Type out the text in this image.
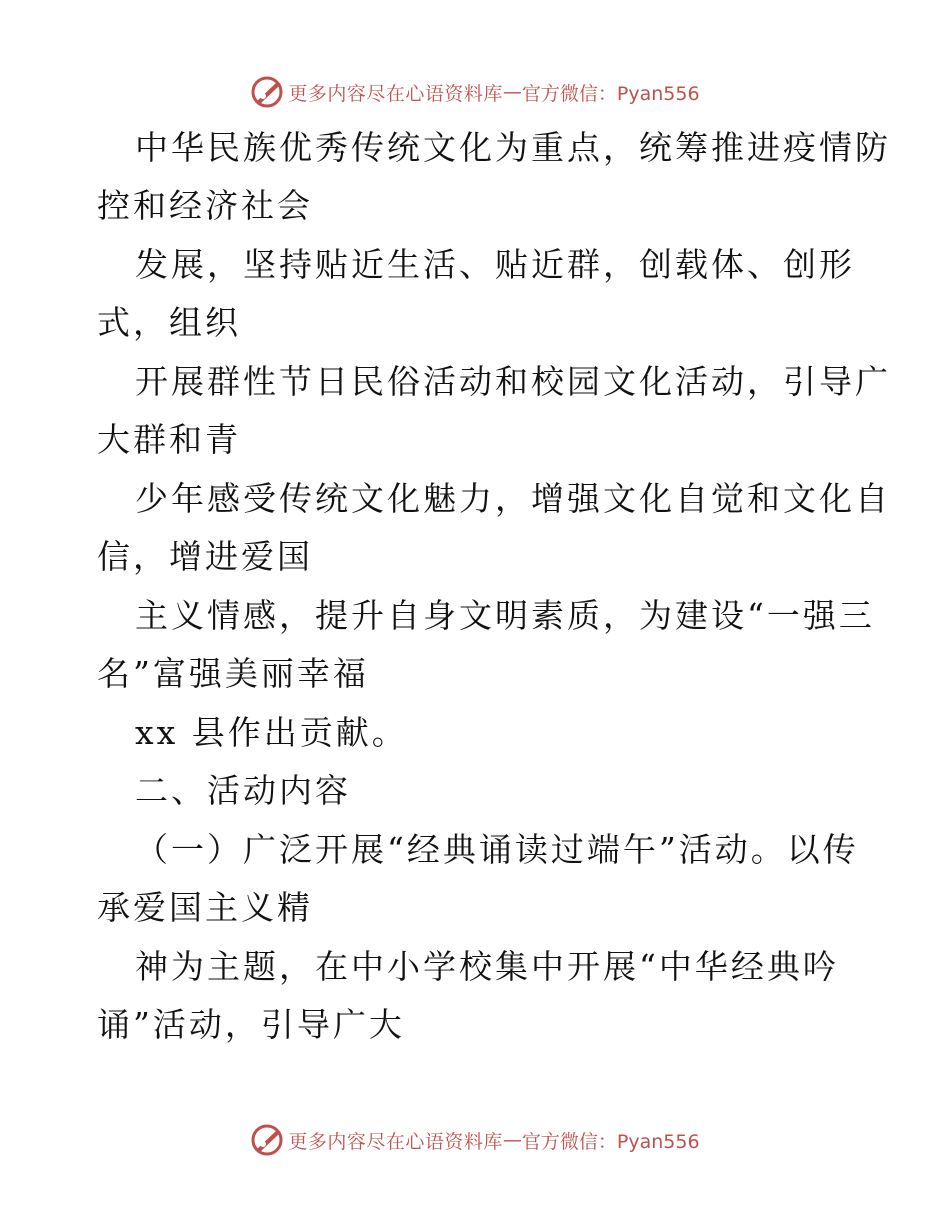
更多内容尽在心语资料库 — 官方微信：Pyan556
中华民族优秀传统文化为重点，统筹推进疫情防
控和经济社会
发展，坚持贴近生活、贴近群，创载体、创形
式，组织
开展群性节日民俗活动和校园文化活动，引导广
大群和青
少年感受传统文化魅力，增强文化自觉和文化自
信，增进爱国
主义情感，提升自身文明素质，为建设“一强三
名”富强美丽幸福
xx 县作出贡献。
二、活动内容
（一）广泛开展“经典诵读过端午”活动。以传
承爱国主义精
神为主题，在中小学校集中开展“中华经典吟
诵”活动，引导广大
更多内容尽在心语资料库 — 官方微信：Pyan556
